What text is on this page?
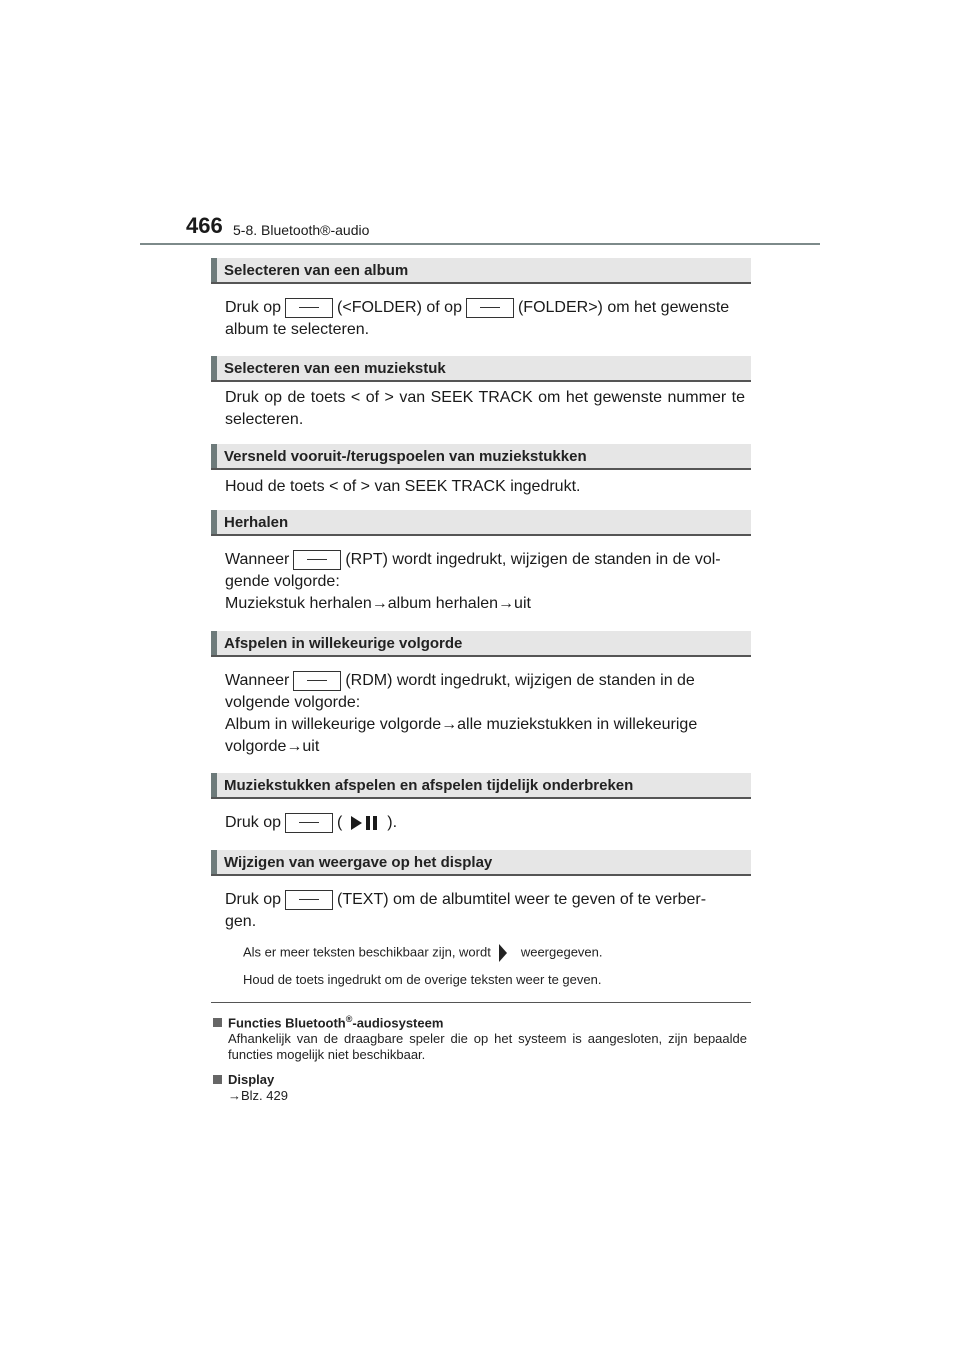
466 5-8. Bluetooth®-audio
Selecteren van een album
Druk op	(<FOLDER) of op	(FOLDER>) om het gewenste
album te selecteren.
Selecteren van een muziekstuk
Druk op de toets < of > van SEEK TRACK om het gewenste nummer te selecteren.
Versneld vooruit-/terugspoelen van muziekstukken
Houd de toets < of > van SEEK TRACK ingedrukt.
Herhalen
Wanneer	(RPT) wordt ingedrukt, wijzigen de standen in de vol-
gende volgorde:
Muziekstuk herhalen→album herhalen→uit
Afspelen in willekeurige volgorde
Wanneer	(RDM) wordt ingedrukt, wijzigen de standen in de
volgende volgorde:
Album in willekeurige volgorde→alle muziekstukken in willekeurige
volgorde→uit
Muziekstukken afspelen en afspelen tijdelijk onderbreken
Druk op	(	).
Wijzigen van weergave op het display
Druk op	(TEXT) om de albumtitel weer te geven of te verber-
gen.
Als er meer teksten beschikbaar zijn, wordt weergegeven.
Houd de toets ingedrukt om de overige teksten weer te geven.
Functies Bluetooth®-audiosysteem
Afhankelijk van de draagbare speler die op het systeem is aangesloten, zijn bepaalde functies mogelijk niet beschikbaar.
Display
→Blz. 429
